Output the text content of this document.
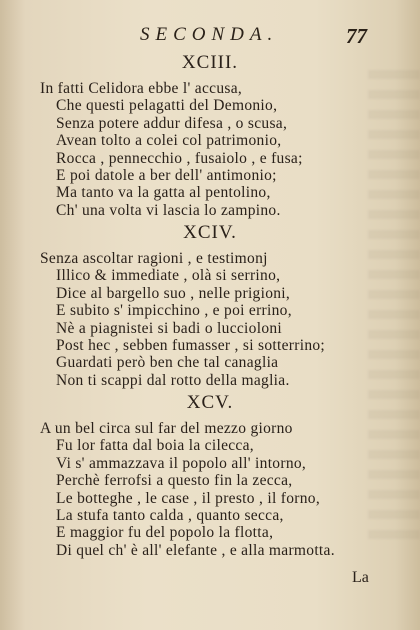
SECONDA.	77
XCIII.
In fatti Celidora ebbe l' accusa,
Che questi pelagatti del Demonio,
Senza potere addur difesa , o scusa,
Avean tolto a colei col patrimonio,
Rocca , pennecchio , fusaiolo , e fusa;
E poi datole a ber dell' antimonio;
Ma tanto va la gatta al pentolino,
Ch' una volta vi lascia lo zampino.
XCIV.
Senza ascoltar ragioni , e testimonj
Illico & immediate , olà si serrino,
Dice al bargello suo , nelle prigioni,
E subito s' impicchino , e poi errino,
Nè a piagnistei si badi o luccioloni
Post hec , sebben fumasser , si sotterrino;
Guardati però ben che tal canaglia
Non ti scappi dal rotto della maglia.
XCV.
A un bel circa sul far del mezzo giorno
Fu lor fatta dal boia la cilecca,
Vi s' ammazzava il popolo all' intorno,
Perchè ferrofsi a questo fin la zecca,
Le botteghe , le case , il presto , il forno,
La stufa tanto calda , quanto secca,
E maggior fu del popolo la flotta,
Di quel ch' è all' elefante , e alla marmotta.
La
